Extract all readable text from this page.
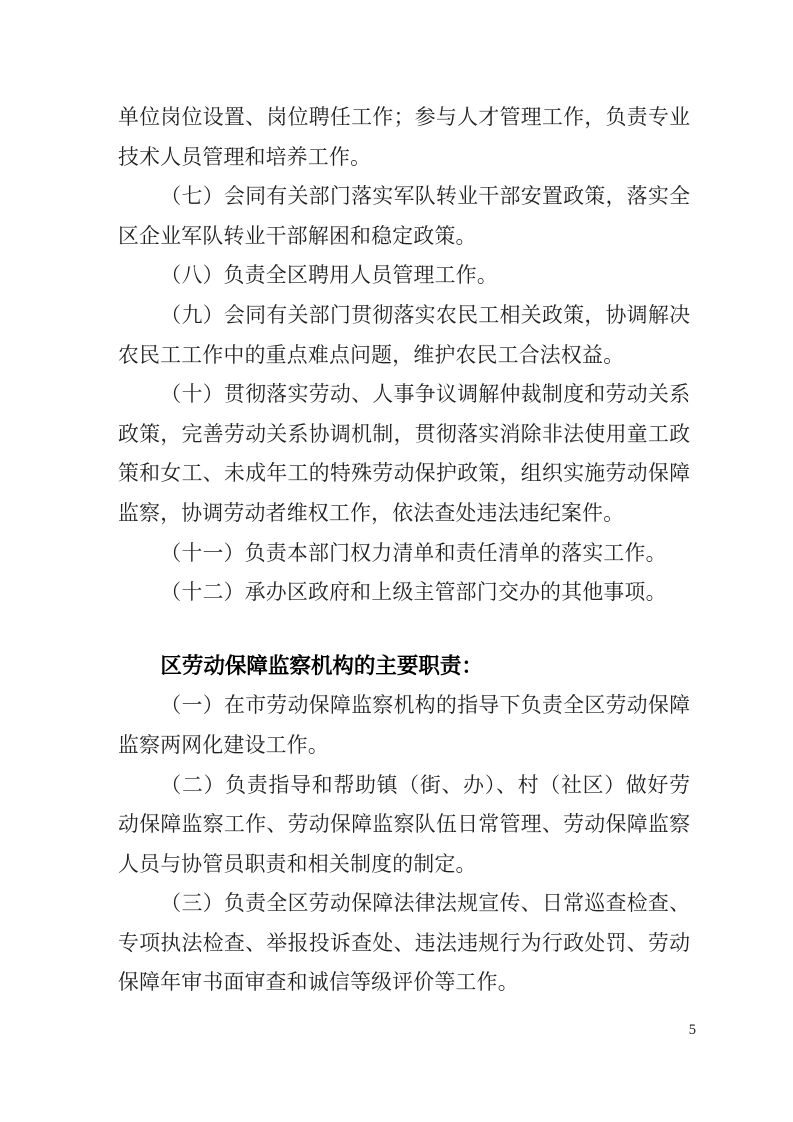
单位岗位设置、岗位聘任工作；参与人才管理工作，负责专业
技术人员管理和培养工作。
（七）会同有关部门落实军队转业干部安置政策，落实全
区企业军队转业干部解困和稳定政策。
（八）负责全区聘用人员管理工作。
（九）会同有关部门贯彻落实农民工相关政策，协调解决
农民工工作中的重点难点问题，维护农民工合法权益。
（十）贯彻落实劳动、人事争议调解仲裁制度和劳动关系
政策，完善劳动关系协调机制，贯彻落实消除非法使用童工政
策和女工、未成年工的特殊劳动保护政策，组织实施劳动保障
监察，协调劳动者维权工作，依法查处违法违纪案件。
（十一）负责本部门权力清单和责任清单的落实工作。
（十二）承办区政府和上级主管部门交办的其他事项。
区劳动保障监察机构的主要职责：
（一）在市劳动保障监察机构的指导下负责全区劳动保障
监察两网化建设工作。
（二）负责指导和帮助镇（街、办）、村（社区）做好劳
动保障监察工作、劳动保障监察队伍日常管理、劳动保障监察
人员与协管员职责和相关制度的制定。
（三）负责全区劳动保障法律法规宣传、日常巡查检查、
专项执法检查、举报投诉查处、违法违规行为行政处罚、劳动
保障年审书面审查和诚信等级评价等工作。
5
